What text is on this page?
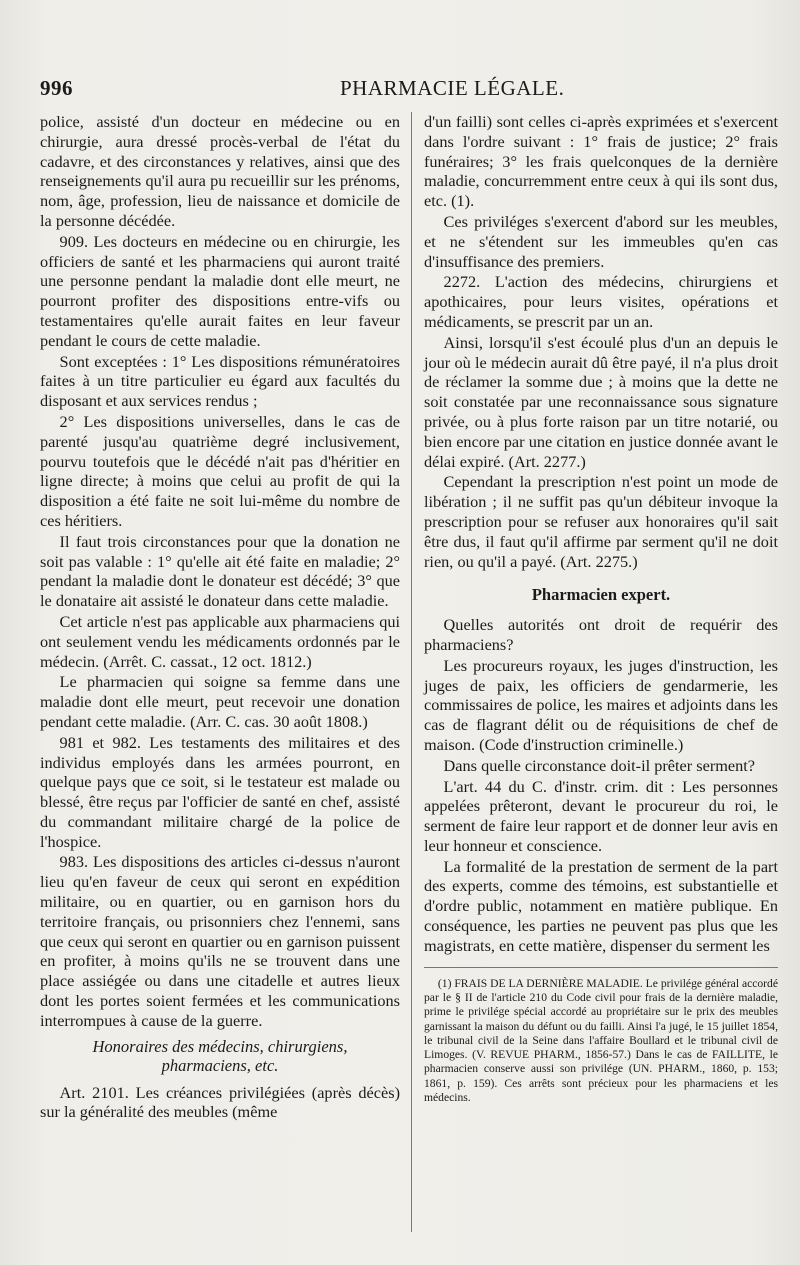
996	PHARMACIE LÉGALE.

police, assisté d'un docteur en médecine ou en chirurgie, aura dressé procès-verbal de l'état du cadavre, et des circonstances y relatives, ainsi que des renseignements qu'il aura pu recueillir sur les prénoms, nom, âge, profession, lieu de naissance et domicile de la personne décédée.

909. Les docteurs en médecine ou en chirurgie, les officiers de santé et les pharmaciens qui auront traité une personne pendant la maladie dont elle meurt, ne pourront profiter des dispositions entre-vifs ou testamentaires qu'elle aurait faites en leur faveur pendant le cours de cette maladie.

Sont exceptées : 1° Les dispositions rémunératoires faites à un titre particulier eu égard aux facultés du disposant et aux services rendus ;

2° Les dispositions universelles, dans le cas de parenté jusqu'au quatrième degré inclusivement, pourvu toutefois que le décédé n'ait pas d'héritier en ligne directe; à moins que celui au profit de qui la disposition a été faite ne soit lui-même du nombre de ces héritiers.

Il faut trois circonstances pour que la donation ne soit pas valable : 1° qu'elle ait été faite en maladie; 2° pendant la maladie dont le donateur est décédé; 3° que le donataire ait assisté le donateur dans cette maladie.

Cet article n'est pas applicable aux pharmaciens qui ont seulement vendu les médicaments ordonnés par le médecin. (Arrêt. C. cassat., 12 oct. 1812.)

Le pharmacien qui soigne sa femme dans une maladie dont elle meurt, peut recevoir une donation pendant cette maladie. (Arr. C. cas. 30 août 1808.)

981 et 982. Les testaments des militaires et des individus employés dans les armées pourront, en quelque pays que ce soit, si le testateur est malade ou blessé, être reçus par l'officier de santé en chef, assisté du commandant militaire chargé de la police de l'hospice.

983. Les dispositions des articles ci-dessus n'auront lieu qu'en faveur de ceux qui seront en expédition militaire, ou en quartier, ou en garnison hors du territoire français, ou prisonniers chez l'ennemi, sans que ceux qui seront en quartier ou en garnison puissent en profiter, à moins qu'ils ne se trouvent dans une place assiégée ou dans une citadelle et autres lieux dont les portes soient fermées et les communications interrompues à cause de la guerre.

Honoraires des médecins, chirurgiens, pharmaciens, etc.

Art. 2101. Les créances privilégiées (après décès) sur la généralité des meubles (même

d'un failli) sont celles ci-après exprimées et s'exercent dans l'ordre suivant : 1° frais de justice; 2° frais funéraires; 3° les frais quelconques de la dernière maladie, concurremment entre ceux à qui ils sont dus, etc. (1).

Ces priviléges s'exercent d'abord sur les meubles, et ne s'étendent sur les immeubles qu'en cas d'insuffisance des premiers.

2272. L'action des médecins, chirurgiens et apothicaires, pour leurs visites, opérations et médicaments, se prescrit par un an.

Ainsi, lorsqu'il s'est écoulé plus d'un an depuis le jour où le médecin aurait dû être payé, il n'a plus droit de réclamer la somme due ; à moins que la dette ne soit constatée par une reconnaissance sous signature privée, ou à plus forte raison par un titre notarié, ou bien encore par une citation en justice donnée avant le délai expiré. (Art. 2277.)

Cependant la prescription n'est point un mode de libération ; il ne suffit pas qu'un débiteur invoque la prescription pour se refuser aux honoraires qu'il sait être dus, il faut qu'il affirme par serment qu'il ne doit rien, ou qu'il a payé. (Art. 2275.)

Pharmacien expert.

Quelles autorités ont droit de requérir des pharmaciens?

Les procureurs royaux, les juges d'instruction, les juges de paix, les officiers de gendarmerie, les commissaires de police, les maires et adjoints dans les cas de flagrant délit ou de réquisitions de chef de maison. (Code d'instruction criminelle.)

Dans quelle circonstance doit-il prêter serment?

L'art. 44 du C. d'instr. crim. dit : Les personnes appelées prêteront, devant le procureur du roi, le serment de faire leur rapport et de donner leur avis en leur honneur et conscience.

La formalité de la prestation de serment de la part des experts, comme des témoins, est substantielle et d'ordre public, notamment en matière publique. En conséquence, les parties ne peuvent pas plus que les magistrats, en cette matière, dispenser du serment les

(1) FRAIS DE LA DERNIÈRE MALADIE. Le privilége général accordé par le § II de l'article 210 du Code civil pour frais de la dernière maladie, prime le privilége spécial accordé au propriétaire sur le prix des meubles garnissant la maison du défunt ou du failli. Ainsi l'a jugé, le 15 juillet 1854, le tribunal civil de la Seine dans l'affaire Boullard et le tribunal civil de Limoges. (V. REVUE PHARM., 1856-57.) Dans le cas de FAILLITE, le pharmacien conserve aussi son privilége (UN. PHARM., 1860, p. 153; 1861, p. 159). Ces arrêts sont précieux pour les pharmaciens et les médecins.
